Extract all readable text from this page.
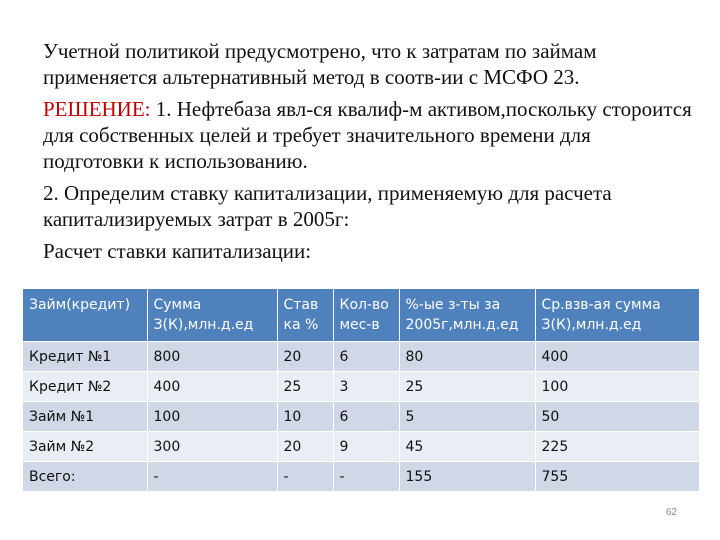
Учетной политикой предусмотрено, что к затратам по займам применяется альтернативный метод в соотв-ии с МСФО 23.

РЕШЕНИЕ: 1. Нефтебаза явл-ся квалиф-м активом,поскольку стороится для собственных целей и требует значительного времени для подготовки к использованию.

2. Определим ставку капитализации, применяемую для расчета капитализируемых затрат в 2005г:

Расчет ставки капитализации:

Займ(кредит)	Сумма З(К),млн.д.ед	Став ка %	Кол-во мес-в	%-ые з-ты за 2005г,млн.д.ед	Ср.взв-ая сумма З(К),млн.д.ед
Кредит №1	800	20	6	80	400
Кредит №2	400	25	3	25	100
Займ №1	100	10	6	5	50
Займ №2	300	20	9	45	225
Всего:	-	-	-	155	755
62
